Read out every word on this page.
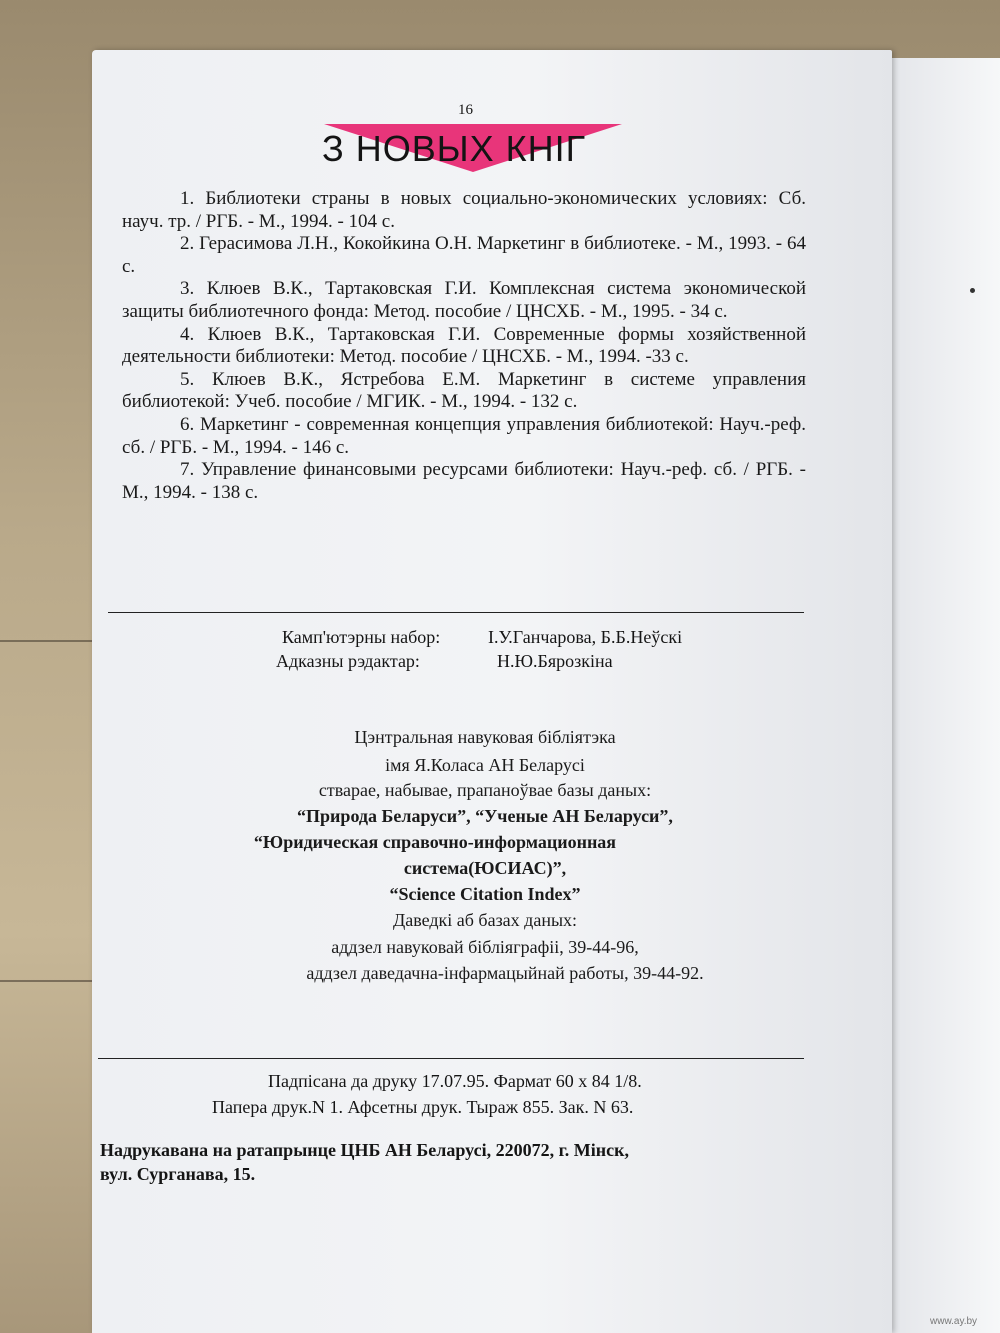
16
З НОВЫХ КНІГ

1. Библиотеки страны в новых социально-экономических условиях: Сб. науч. тр. / РГБ. - М., 1994. - 104 с.

2. Герасимова Л.Н., Кокойкина О.Н. Маркетинг в библиотеке. - М., 1993. - 64 с.

3. Клюев В.К., Тартаковская Г.И. Комплексная система экономической защиты библиотечного фонда: Метод. пособие / ЦНСХБ. - М., 1995. - 34 с.

4. Клюев В.К., Тартаковская Г.И. Современные формы хозяйственной деятельности библиотеки: Метод. пособие / ЦНСХБ. - М., 1994. -33 с.

5. Клюев В.К., Ястребова Е.М. Маркетинг в системе управления библиотекой: Учеб. пособие / МГИК. - М., 1994. - 132 с.

6. Маркетинг - современная концепция управления библиотекой: Науч.-реф. сб. / РГБ. - М., 1994. - 146 с.

7. Управление финансовыми ресурсами библиотеки: Науч.-реф. сб. / РГБ. - М., 1994. - 138 с.

Камп'ютэрны набор:	І.У.Ганчарова, Б.Б.Неўскі
Адказны рэдактар:	Н.Ю.Бярозкіна
Цэнтральная навуковая бібліятэка
імя Я.Коласа АН Беларусі
стварае, набывае, прапаноўвае базы даных:
“Природа Беларуси”, “Ученые АН Беларуси”,
“Юридическая справочно-информационная
система(ЮСИАС)”,
“Science Citation Index”
Даведкі аб базах даных:
аддзел навуковай бібліяграфіі, 39-44-96,
аддзел даведачна-інфармацыйнай работы, 39-44-92.
Падпісана да друку 17.07.95. Фармат 60 х 84 1/8.
Папера друк.N 1. Афсетны друк. Тыраж 855. Зак. N 63.
Надрукавана на ратапрынце ЦНБ АН Беларусі, 220072, г. Мінск,
вул. Сурганава, 15.
www.ay.by
